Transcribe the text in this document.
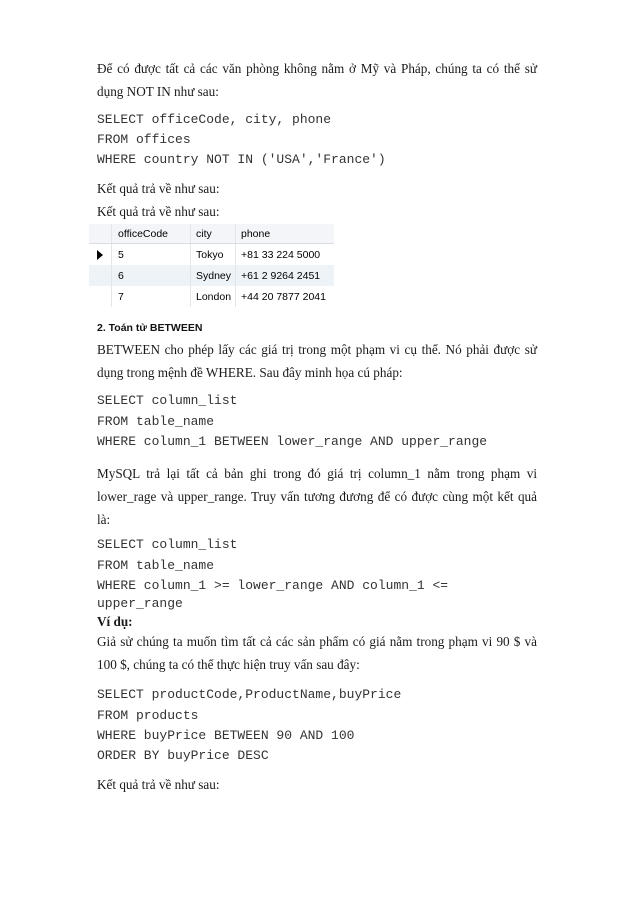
Để có được tất cả các văn phòng không nằm ở Mỹ và Pháp, chúng ta có thể sử dụng NOT IN như sau:

SELECT officeCode, city, phone

FROM offices

WHERE country NOT IN ('USA','France')

Kết quả trả về như sau:

Kết quả trả về như sau:

officeCode	city	phone
5	Tokyo	+81 33 224 5000
6	Sydney +61 2 9264 2451
7	London +44 20 7877 2041

2. Toán tử BETWEEN

BETWEEN cho phép lấy các giá trị trong một phạm vi cụ thể. Nó phải được sử dụng trong mệnh đề WHERE. Sau đây minh họa cú pháp:

SELECT column_list

FROM table_name

WHERE column_1 BETWEEN lower_range AND upper_range

MySQL trả lại tất cả bản ghi trong đó giá trị column_1 nằm trong phạm vi lower_rage và upper_range. Truy vấn tương đương để có được cùng một kết quả là:

SELECT column_list

FROM table_name

WHERE column_1 >= lower_range AND column_1 <=

upper_range

Ví dụ:

Giả sử chúng ta muốn tìm tất cả các sản phẩm có giá nằm trong phạm vi 90 $ và 100 $, chúng ta có thể thực hiện truy vấn sau đây:

SELECT productCode,ProductName,buyPrice

FROM products

WHERE buyPrice BETWEEN 90 AND 100

ORDER BY buyPrice DESC

Kết quả trả về như sau:
